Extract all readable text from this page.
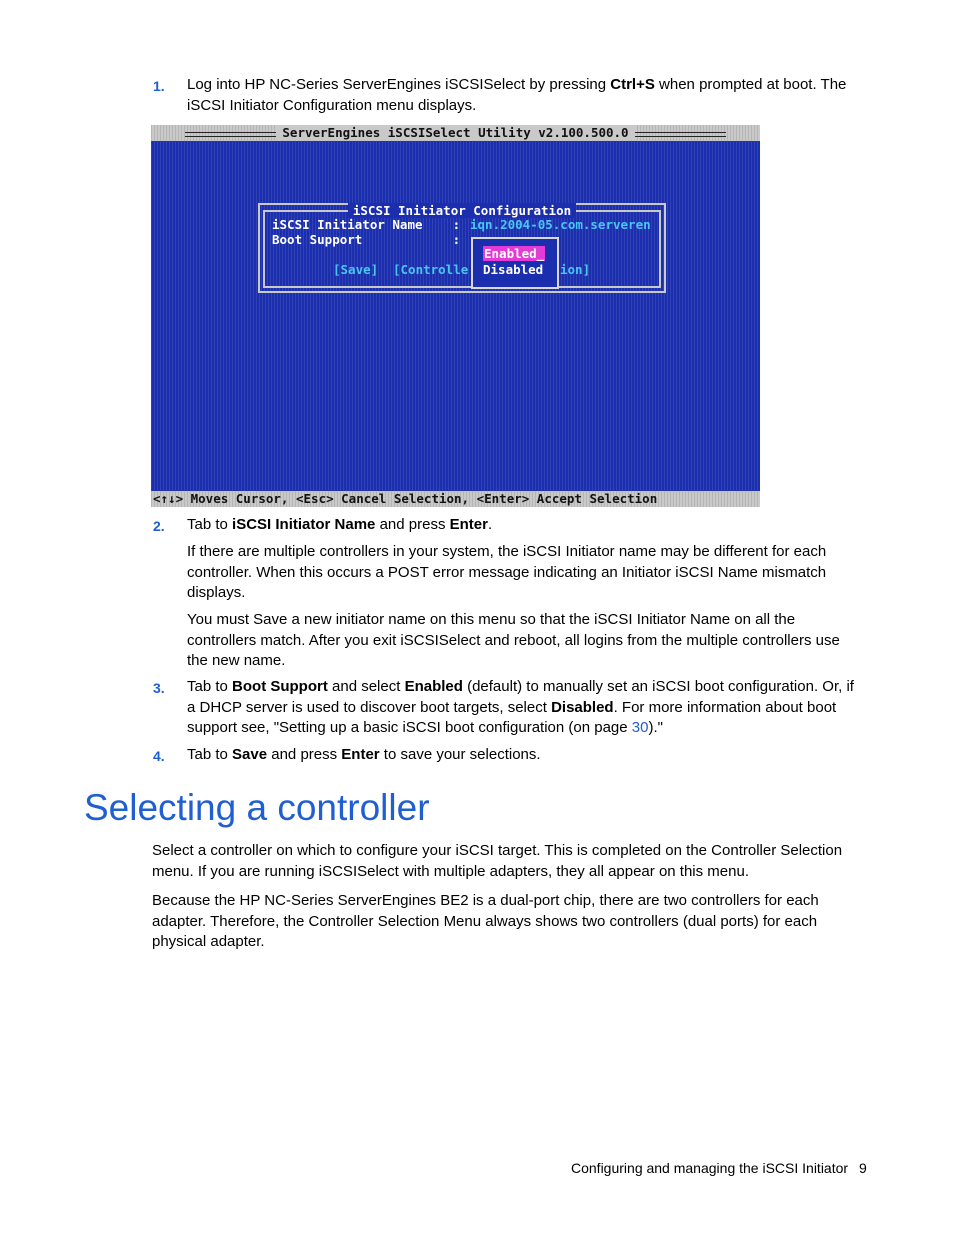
1. Log into HP NC-Series ServerEngines iSCSISelect by pressing Ctrl+S when prompted at boot. The
iSCSI Initiator Configuration menu displays.
ServerEngines iSCSISelect Utility v2.100.500.0
iSCSI Initiator Configuration
iSCSI Initiator Name    : iqn.2004-05.com.serveren
Boot Support            :
[Save] [Controlle	ion]
Enabled_
Disabled
<↑↓> Moves Cursor, <Esc> Cancel Selection, <Enter> Accept Selection
2. Tab to iSCSI Initiator Name and press Enter.
If there are multiple controllers in your system, the iSCSI Initiator name may be different for each
controller. When this occurs a POST error message indicating an Initiator iSCSI Name mismatch
displays.
You must Save a new initiator name on this menu so that the iSCSI Initiator Name on all the
controllers match. After you exit iSCSISelect and reboot, all logins from the multiple controllers use
the new name.
3. Tab to Boot Support and select Enabled (default) to manually set an iSCSI boot configuration. Or, if
a DHCP server is used to discover boot targets, select Disabled. For more information about boot
support see, "Setting up a basic iSCSI boot configuration (on page 30)."
4. Tab to Save and press Enter to save your selections.
Selecting a controller
Select a controller on which to configure your iSCSI target. This is completed on the Controller Selection
menu. If you are running iSCSISelect with multiple adapters, they all appear on this menu.
Because the HP NC-Series ServerEngines BE2 is a dual-port chip, there are two controllers for each
adapter. Therefore, the Controller Selection Menu always shows two controllers (dual ports) for each
physical adapter.
Configuring and managing the iSCSI Initiator 9
